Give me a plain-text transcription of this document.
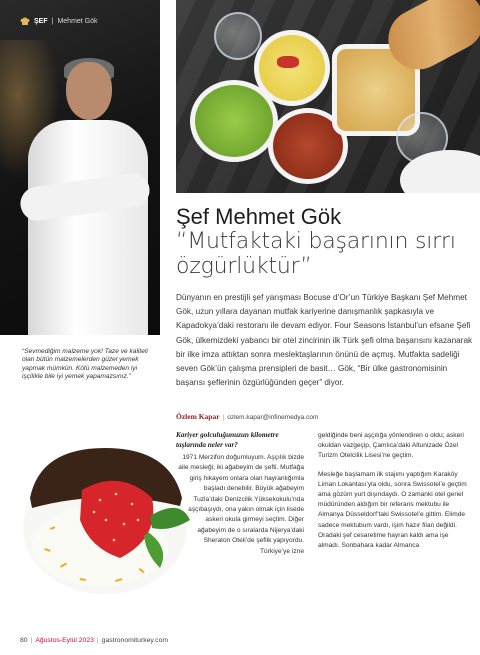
ŞEF | Mehmet Gök
Şef Mehmet Gök
“Mutfaktaki başarının sırrı özgürlüktür”

Dünyanın en prestijli şef yarışması Bocuse d’Or’un Türkiye Başkanı Şef Mehmet Gök, uzun yıllara dayanan mutfak kariyerine danışmanlık şapkasıyla ve Kapadokya’daki restoranı ile devam ediyor. Four Seasons İstanbul’un efsane Şefi Gök, ülkemizdeki yabancı bir otel zincirinin ilk Türk şefi olma başarısını kazanarak bir ilke imza attıktan sonra meslektaşlarının önünü de açmış. Mutfakta sadeliği seven Gök’ün çalışma prensipleri de basit… Gök, “Bir ülke gastronomisinin başarısı şeflerinin özgürlüğünden geçer” diyor.

“Sevmediğim malzeme yok! Taze ve kaliteli olan bütün malzemelerden güzel yemek yapmak mümkün. Kötü malzemeden iyi işçilikle bile iyi yemek yapamazsınız.”

Özlem Kapar | ozlem.kapar@infinemedya.com

Kariyer golculuğunuzun kilometre taşlarında neler var?

1971 Merzifon doğumluyum. Aşçılık bizde aile mesleği; iki ağabeyim de şefti. Mutfağa giriş hikayem onlara olan hayranlığımla başladı denebilir. Büyük ağabeyim Tuzla’daki Denizcilik Yüksekokulu’nda aşçıbaşıydı, ona yakın olmak için lisede askeri okula girmeyi seçtim. Diğer ağabeyim de o sıralarda Nijerya’daki Sheraton Oteli’de şeflik yapıyordu. Türkiye’ye izne

geldiğinde beni aşçılığa yönlendiren o oldu; askeri okuldan vazgeçip, Çamlıca’daki Altunizade Özel Turizm Otelcilik Lisesi’ne geçtim.

Mesleğe başlamam ilk stajımı yaptığım Karaköy Liman Lokantası’yla oldu, sonra Swissotel’e geçtim ama gözüm yurt dışındaydı. O zamanki otel genel müdüründen aldığım bir referans mektubu ile Almanya Düsseldorf’taki Swissotel’e gittim. Elimde sadece mektubum vardı, işim hazır filan değildi. Oradaki şef cesaretime hayran kaldı ama işe almadı. Sonbahara kadar Almanca

80 | Ağustos-Eylül 2023 | gastronomiturkey.com
